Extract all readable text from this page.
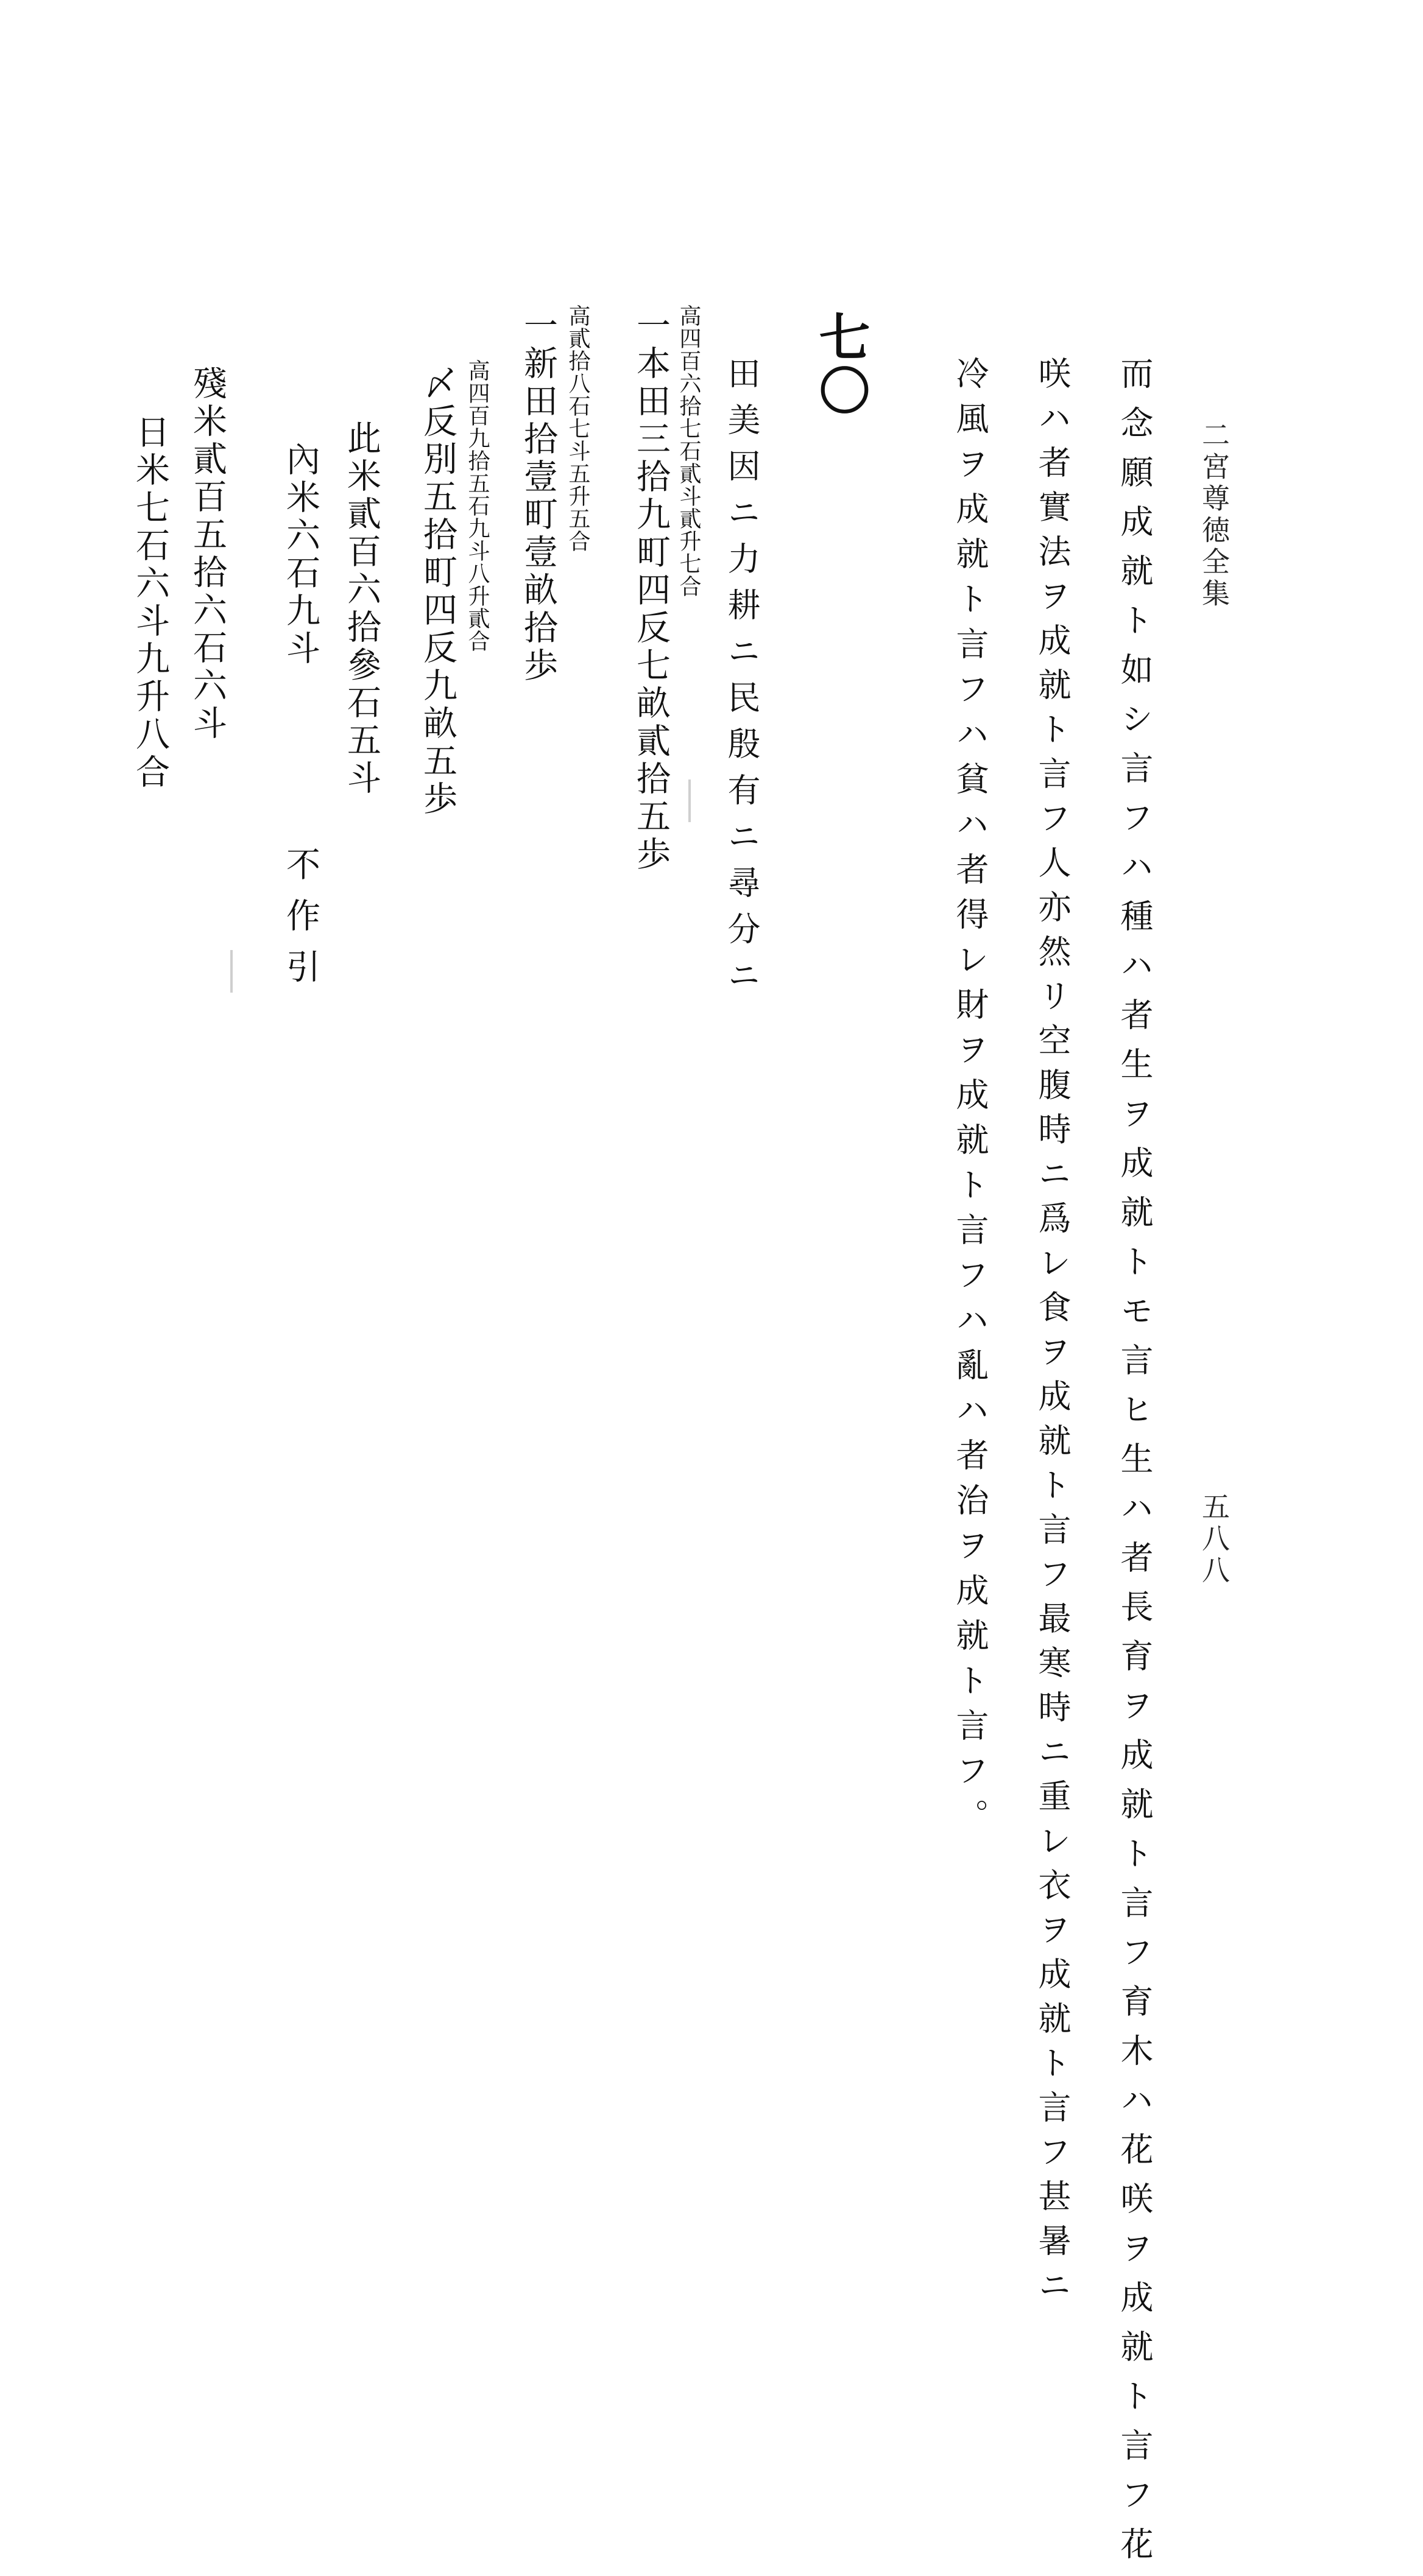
二宮尊徳全集
五八八
而念願成就ト如シ言フハ種ハ者生ヲ成就トモ言ヒ生ハ者長育ヲ成就ト言フ育木ハ花咲ヲ成就ト言フ花
咲ハ者實法ヲ成就ト言フ人亦然リ空腹時ニ爲レ食ヲ成就ト言フ最寒時ニ重レ衣ヲ成就ト言フ甚暑ニ
冷風ヲ成就ト言フハ貧ハ者得レ財ヲ成就ト言フハ亂ハ者治ヲ成就ト言フ。
七〇
田美因ニ力耕ニ民殷有ニ尋分ニ
高四百六拾七石貳斗貳升七合
一本田三拾九町四反七畝貳拾五歩
高貳拾八石七斗五升五合
一新田拾壹町壹畝拾歩
高四百九拾五石九斗八升貳合
〆反別五拾町四反九畝五歩
此米貳百六拾參石五斗
內米六石九斗
不作引
殘米貳百五拾六石六斗
日米七石六斗九升八合
